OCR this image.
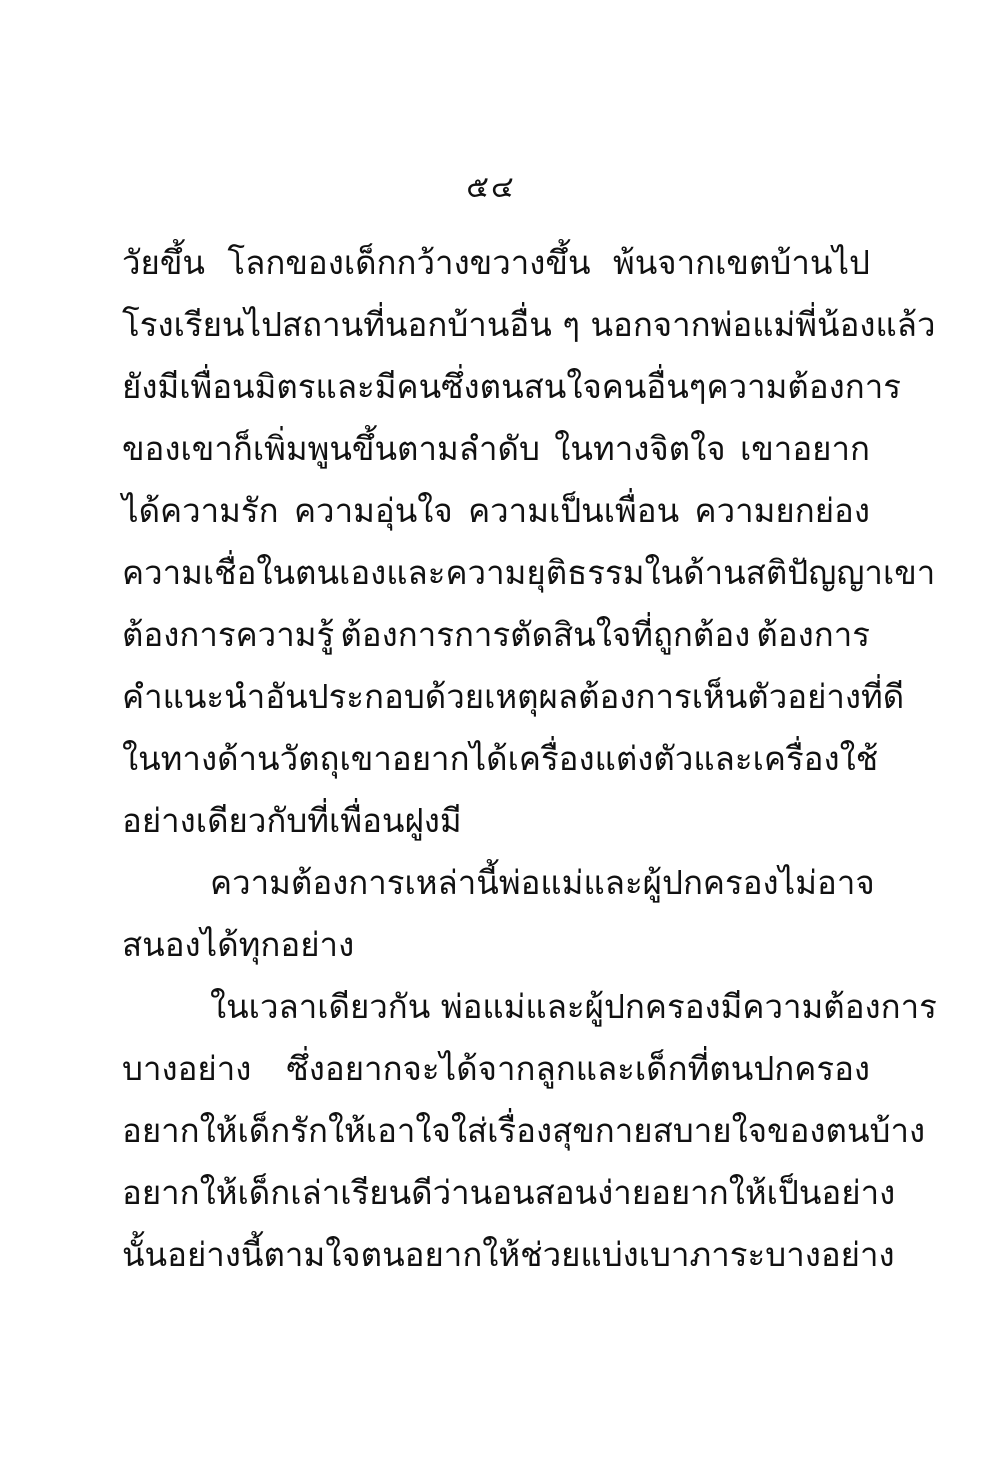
๕๔
วัยขึ้น โลกของเด็กกว้างขวางขึ้น พ้นจากเขตบ้านไป
โรงเรียน ไปสถานที่นอกบ้านอื่น ๆ นอกจากพ่อแม่พี่น้องแล้ว
ยังมีเพื่อน มิตร และมีคนซึ่งตนสนใจคนอื่นๆ ความต้องการ
ของเขาก็เพิ่มพูนขึ้นตามลำดับ ในทางจิตใจ เขาอยาก
ได้ความรัก ความอุ่นใจ ความเป็นเพื่อน ความยกย่อง
ความเชื่อในตนเองและความยุติธรรม ในด้านสติปัญญา เขา
ต้องการความรู้ ต้องการการตัดสินใจที่ถูกต้อง ต้องการ
คำแนะนำอันประกอบด้วยเหตุผล ต้องการเห็นตัวอย่างที่ดี
ในทางด้านวัตถุ เขาอยากได้เครื่องแต่งตัว และเครื่องใช้
อย่างเดียวกับที่เพื่อนฝูงมี
ความต้องการเหล่านี้ พ่อแม่ และผู้ปกครองไม่อาจ
สนองได้ทุกอย่าง
ในเวลาเดียวกัน พ่อแม่และผู้ปกครองมีความต้องการ
บางอย่าง ซึ่งอยากจะได้จากลูกและเด็กที่ตนปกครอง
อยากให้เด็กรัก ให้เอาใจใส่เรื่องสุขกายสบายใจของตนบ้าง
อยากให้เด็กเล่าเรียนดี ว่านอนสอนง่าย อยากให้เป็นอย่าง
นั้น อย่างนี้ตามใจตน อยากให้ช่วยแบ่งเบาภาระบางอย่าง
